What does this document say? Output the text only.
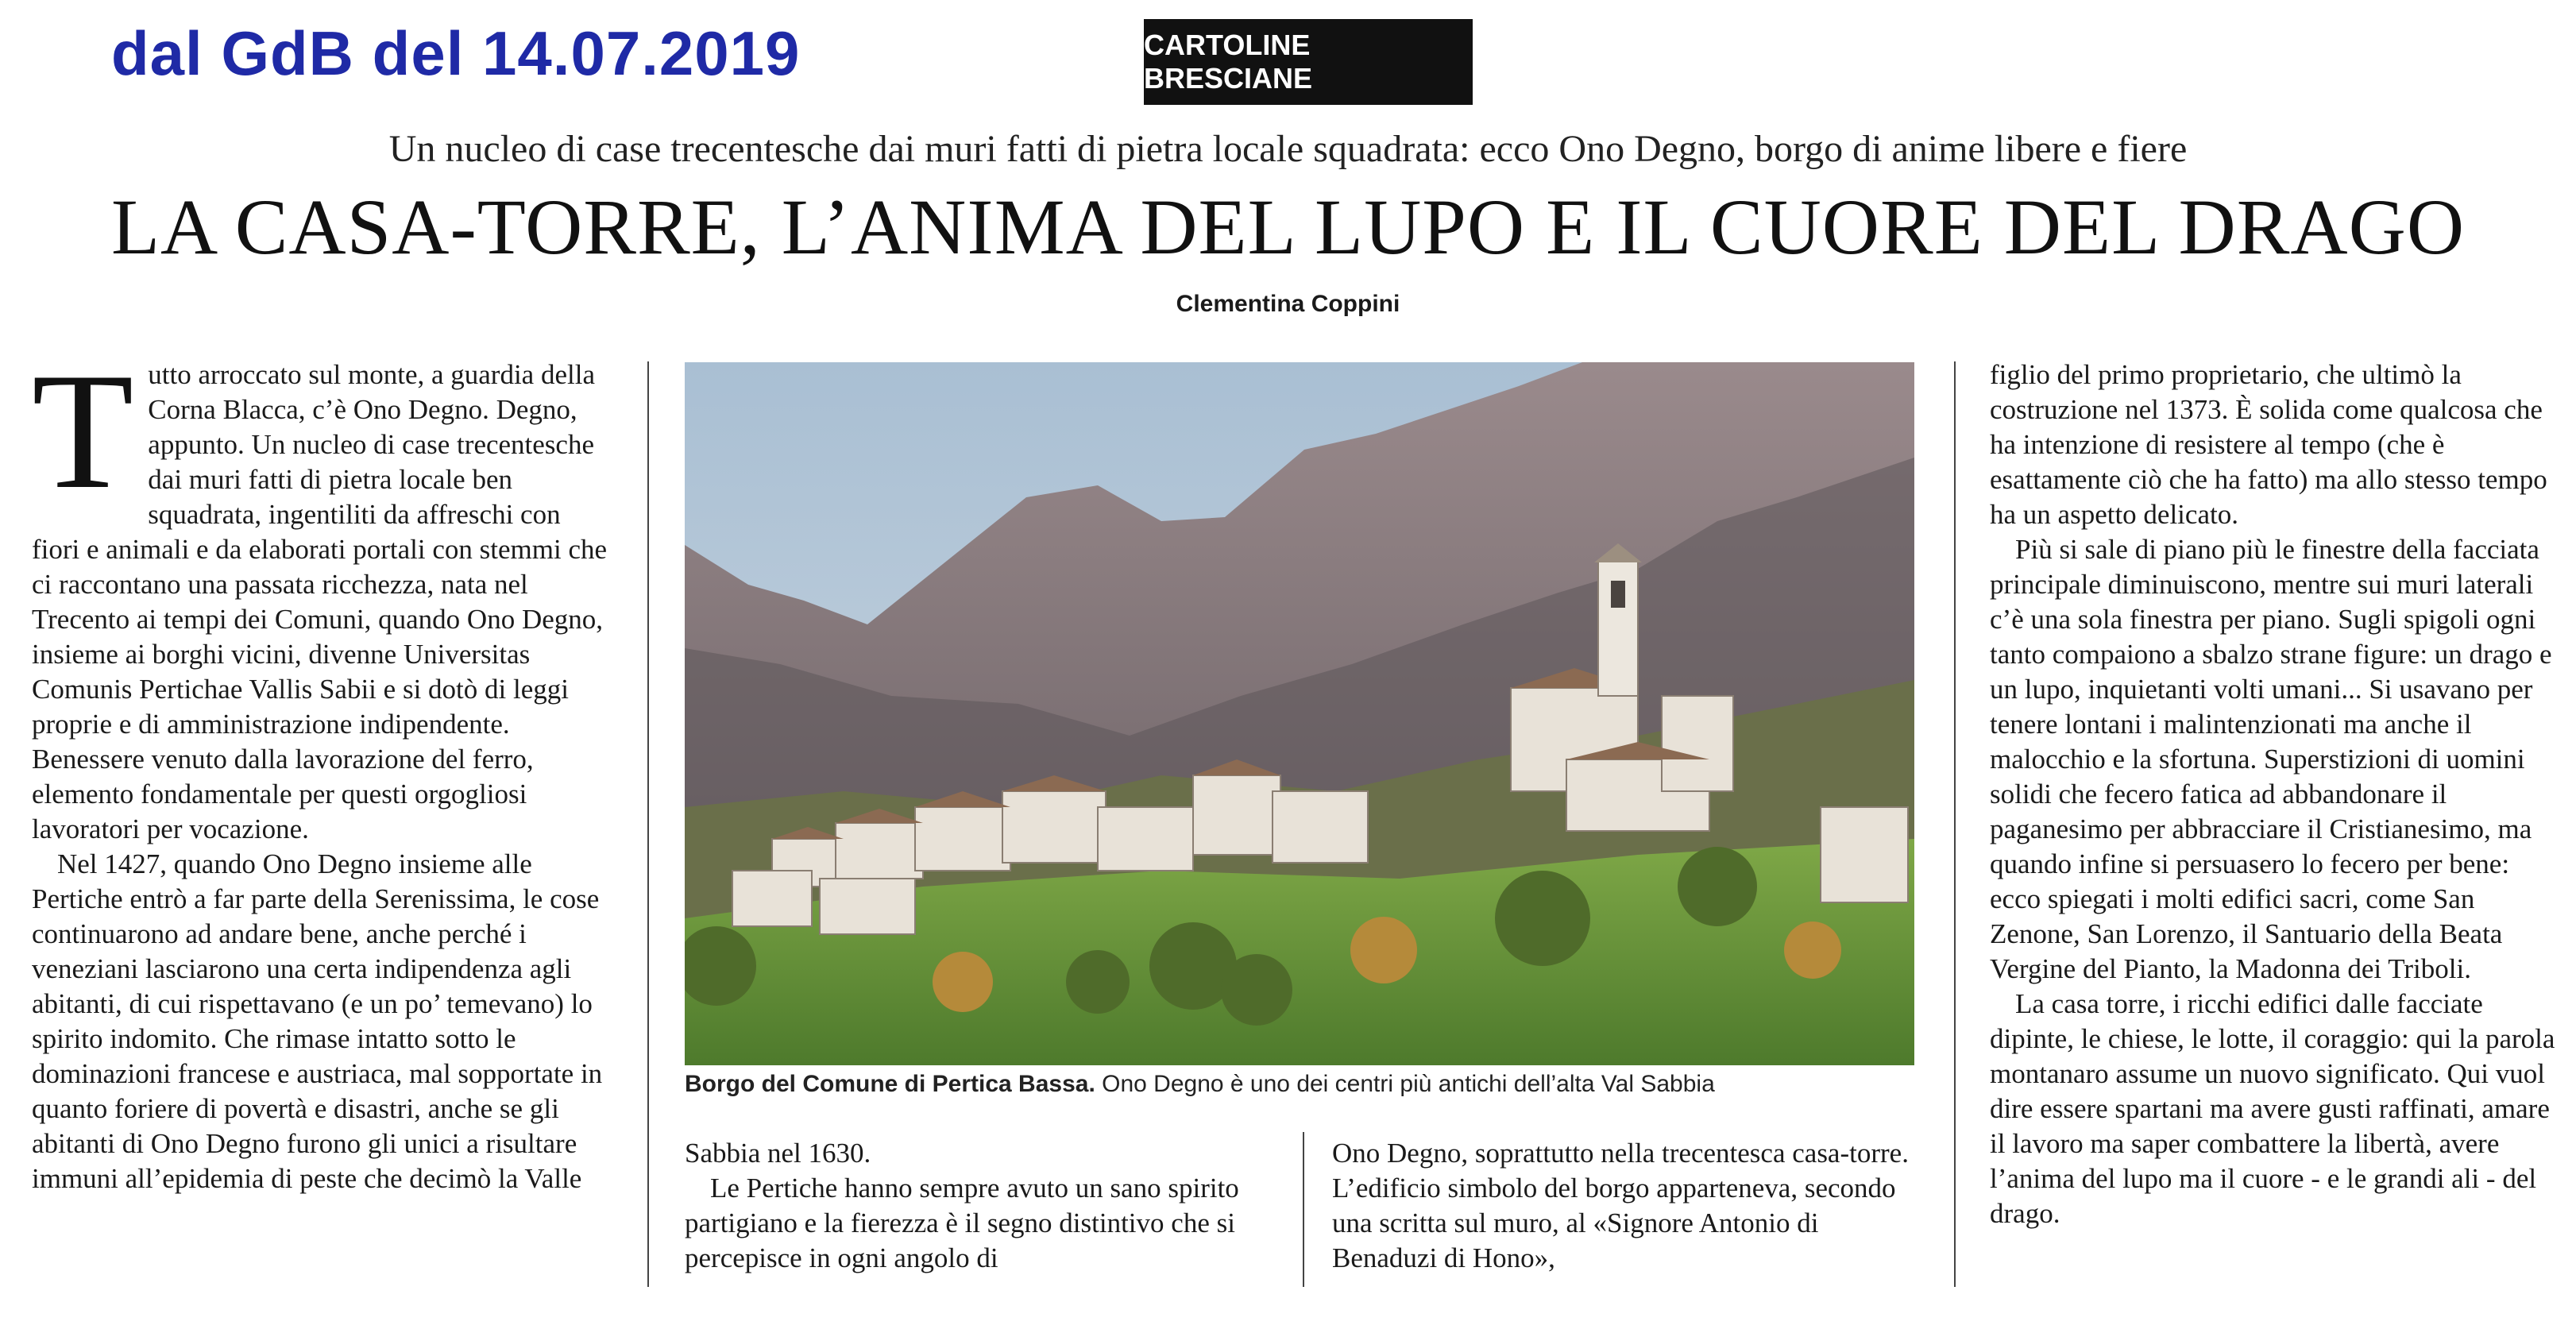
dal GdB del 14.07.2019	CARTOLINE BRESCIANE
Un nucleo di case trecentesche dai muri fatti di pietra locale squadrata: ecco Ono Degno, borgo di anime libere e fiere
LA CASA-TORRE, L’ANIMA DEL LUPO E IL CUORE DEL DRAGO
Clementina Coppini
T utto arroccato sul monte, a guardia della Corna Blacca, c’è Ono Degno. Degno, appunto. Un nucleo di case trecentesche dai muri fatti di pietra locale ben squadrata, ingentiliti da affreschi con fiori e animali e da elaborati portali con stemmi che ci raccontano una passata ricchezza, nata nel Trecento ai tempi dei Comuni, quando Ono Degno, insieme ai borghi vicini, divenne Universitas Comunis Pertichae Vallis Sabii e si dotò di leggi proprie e di amministrazione indipendente. Benessere venuto dalla lavorazione del ferro, elemento fondamentale per questi orgogliosi lavoratori per vocazione.

Nel 1427, quando Ono Degno insieme alle Pertiche entrò a far parte della Serenissima, le cose continuarono ad andare bene, anche perché i veneziani lasciarono una certa indipendenza agli abitanti, di cui rispettavano (e un po’ temevano) lo spirito indomito. Che rimase intatto sotto le dominazioni francese e austriaca, mal sopportate in quanto foriere di povertà e disastri, anche se gli abitanti di Ono Degno furono gli unici a risultare immuni all’epidemia di peste che decimò la Valle

Borgo del Comune di Pertica Bassa. Ono Degno è uno dei centri più antichi dell’alta Val Sabbia

Sabbia nel 1630.

Le Pertiche hanno sempre avuto un sano spirito partigiano e la fierezza è il segno distintivo che si percepisce in ogni angolo di

Ono Degno, soprattutto nella trecentesca casa-torre. L’edificio simbolo del borgo apparteneva, secondo una scritta sul muro, al «Signore Antonio di Benaduzi di Hono»,

figlio del primo proprietario, che ultimò la costruzione nel 1373. È solida come qualcosa che ha intenzione di resistere al tempo (che è esattamente ciò che ha fatto) ma allo stesso tempo ha un aspetto delicato.

Più si sale di piano più le finestre della facciata principale diminuiscono, mentre sui muri laterali c’è una sola finestra per piano. Sugli spigoli ogni tanto compaiono a sbalzo strane figure: un drago e un lupo, inquietanti volti umani... Si usavano per tenere lontani i malintenzionati ma anche il malocchio e la sfortuna. Superstizioni di uomini solidi che fecero fatica ad abbandonare il paganesimo per abbracciare il Cristianesimo, ma quando infine si persuasero lo fecero per bene: ecco spiegati i molti edifici sacri, come San Zenone, San Lorenzo, il Santuario della Beata Vergine del Pianto, la Madonna dei Triboli.

La casa torre, i ricchi edifici dalle facciate dipinte, le chiese, le lotte, il coraggio: qui la parola montanaro assume un nuovo significato. Qui vuol dire essere spartani ma avere gusti raffinati, amare il lavoro ma saper combattere la libertà, avere l’anima del lupo ma il cuore - e le grandi ali - del drago.
